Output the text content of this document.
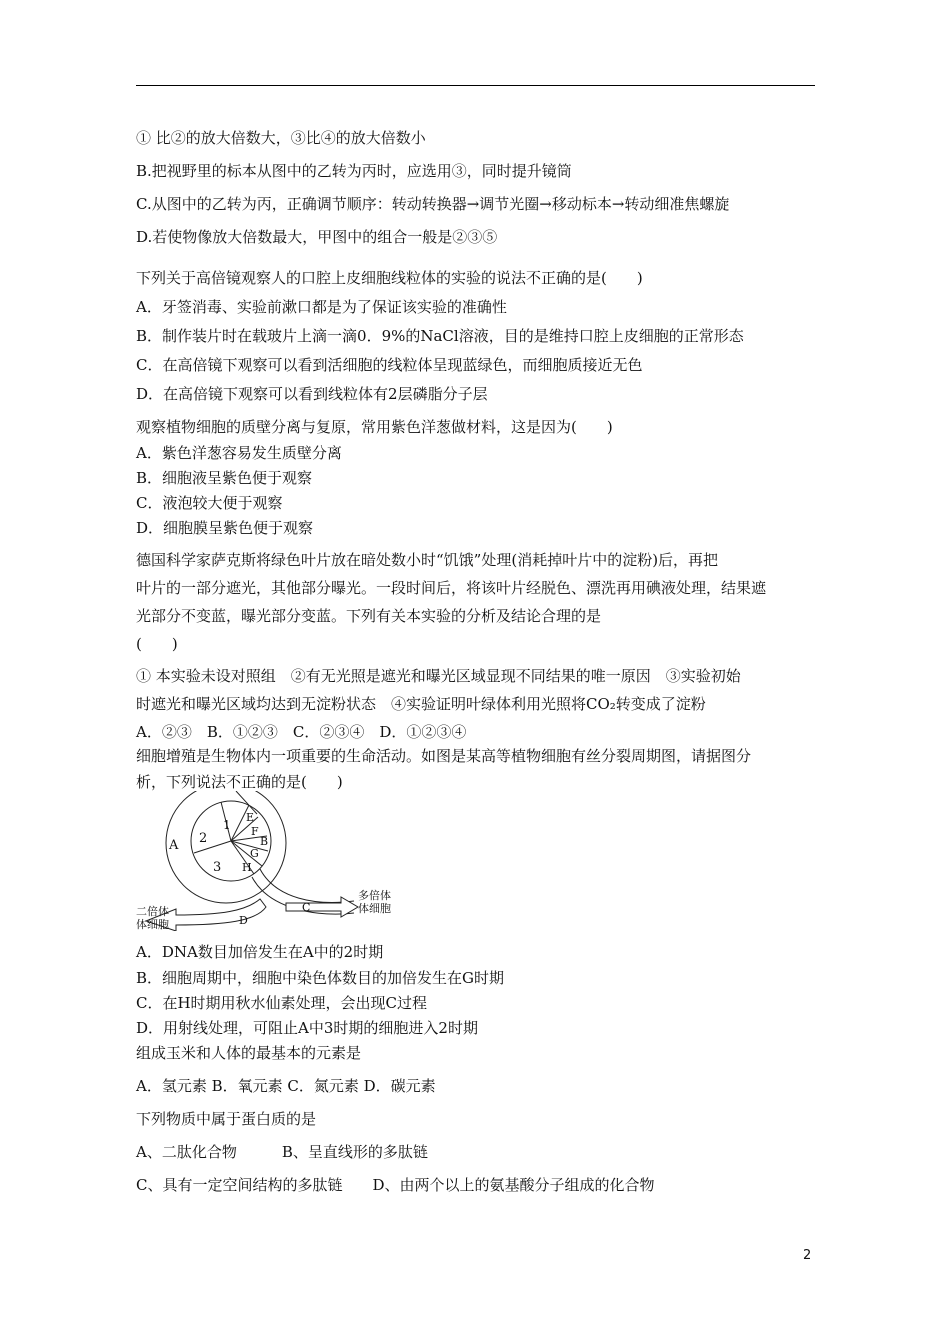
① 比②的放大倍数大，③比④的放大倍数小
B.把视野里的标本从图中的乙转为丙时，应选用③，同时提升镜筒
C.从图中的乙转为丙，正确调节顺序：转动转换器→调节光圈→移动标本→转动细准焦螺旋
D.若使物像放大倍数最大，甲图中的组合一般是②③⑤
下列关于高倍镜观察人的口腔上皮细胞线粒体的实验的说法不正确的是(　　)
A．牙签消毒、实验前漱口都是为了保证该实验的准确性
B．制作装片时在载玻片上滴一滴0．9%的NaCl溶液，目的是维持口腔上皮细胞的正常形态
C．在高倍镜下观察可以看到活细胞的线粒体呈现蓝绿色，而细胞质接近无色
D．在高倍镜下观察可以看到线粒体有2层磷脂分子层
观察植物细胞的质壁分离与复原，常用紫色洋葱做材料，这是因为(　　)
A．紫色洋葱容易发生质壁分离
B．细胞液呈紫色便于观察
C．液泡较大便于观察
D．细胞膜呈紫色便于观察
德国科学家萨克斯将绿色叶片放在暗处数小时“饥饿”处理(消耗掉叶片中的淀粉)后，再把
叶片的一部分遮光，其他部分曝光。一段时间后，将该叶片经脱色、漂洗再用碘液处理，结果遮
光部分不变蓝，曝光部分变蓝。下列有关本实验的分析及结论合理的是
(　　)
① 本实验未设对照组　②有无光照是遮光和曝光区域显现不同结果的唯一原因　③实验初始
时遮光和曝光区域均达到无淀粉状态　④实验证明叶绿体利用光照将CO₂转变成了淀粉
A．②③　B．①②③　C．②③④　D．①②③④
细胞增殖是生物体内一项重要的生命活动。如图是某高等植物细胞有丝分裂周期图，请据图分
析，下列说法不正确的是(　　)
A
1
2
3
E
F
B
G
H
C
D
多倍体
体细胞
二倍体
体细胞
A．DNA数目加倍发生在A中的2时期
B．细胞周期中，细胞中染色体数目的加倍发生在G时期
C．在H时期用秋水仙素处理，会出现C过程
D．用射线处理，可阻止A中3时期的细胞进入2时期
组成玉米和人体的最基本的元素是
A．氢元素 B．氧元素 C．氮元素 D．碳元素
下列物质中属于蛋白质的是
A、二肽化合物　　　B、呈直线形的多肽链
C、具有一定空间结构的多肽链　　D、由两个以上的氨基酸分子组成的化合物
2
